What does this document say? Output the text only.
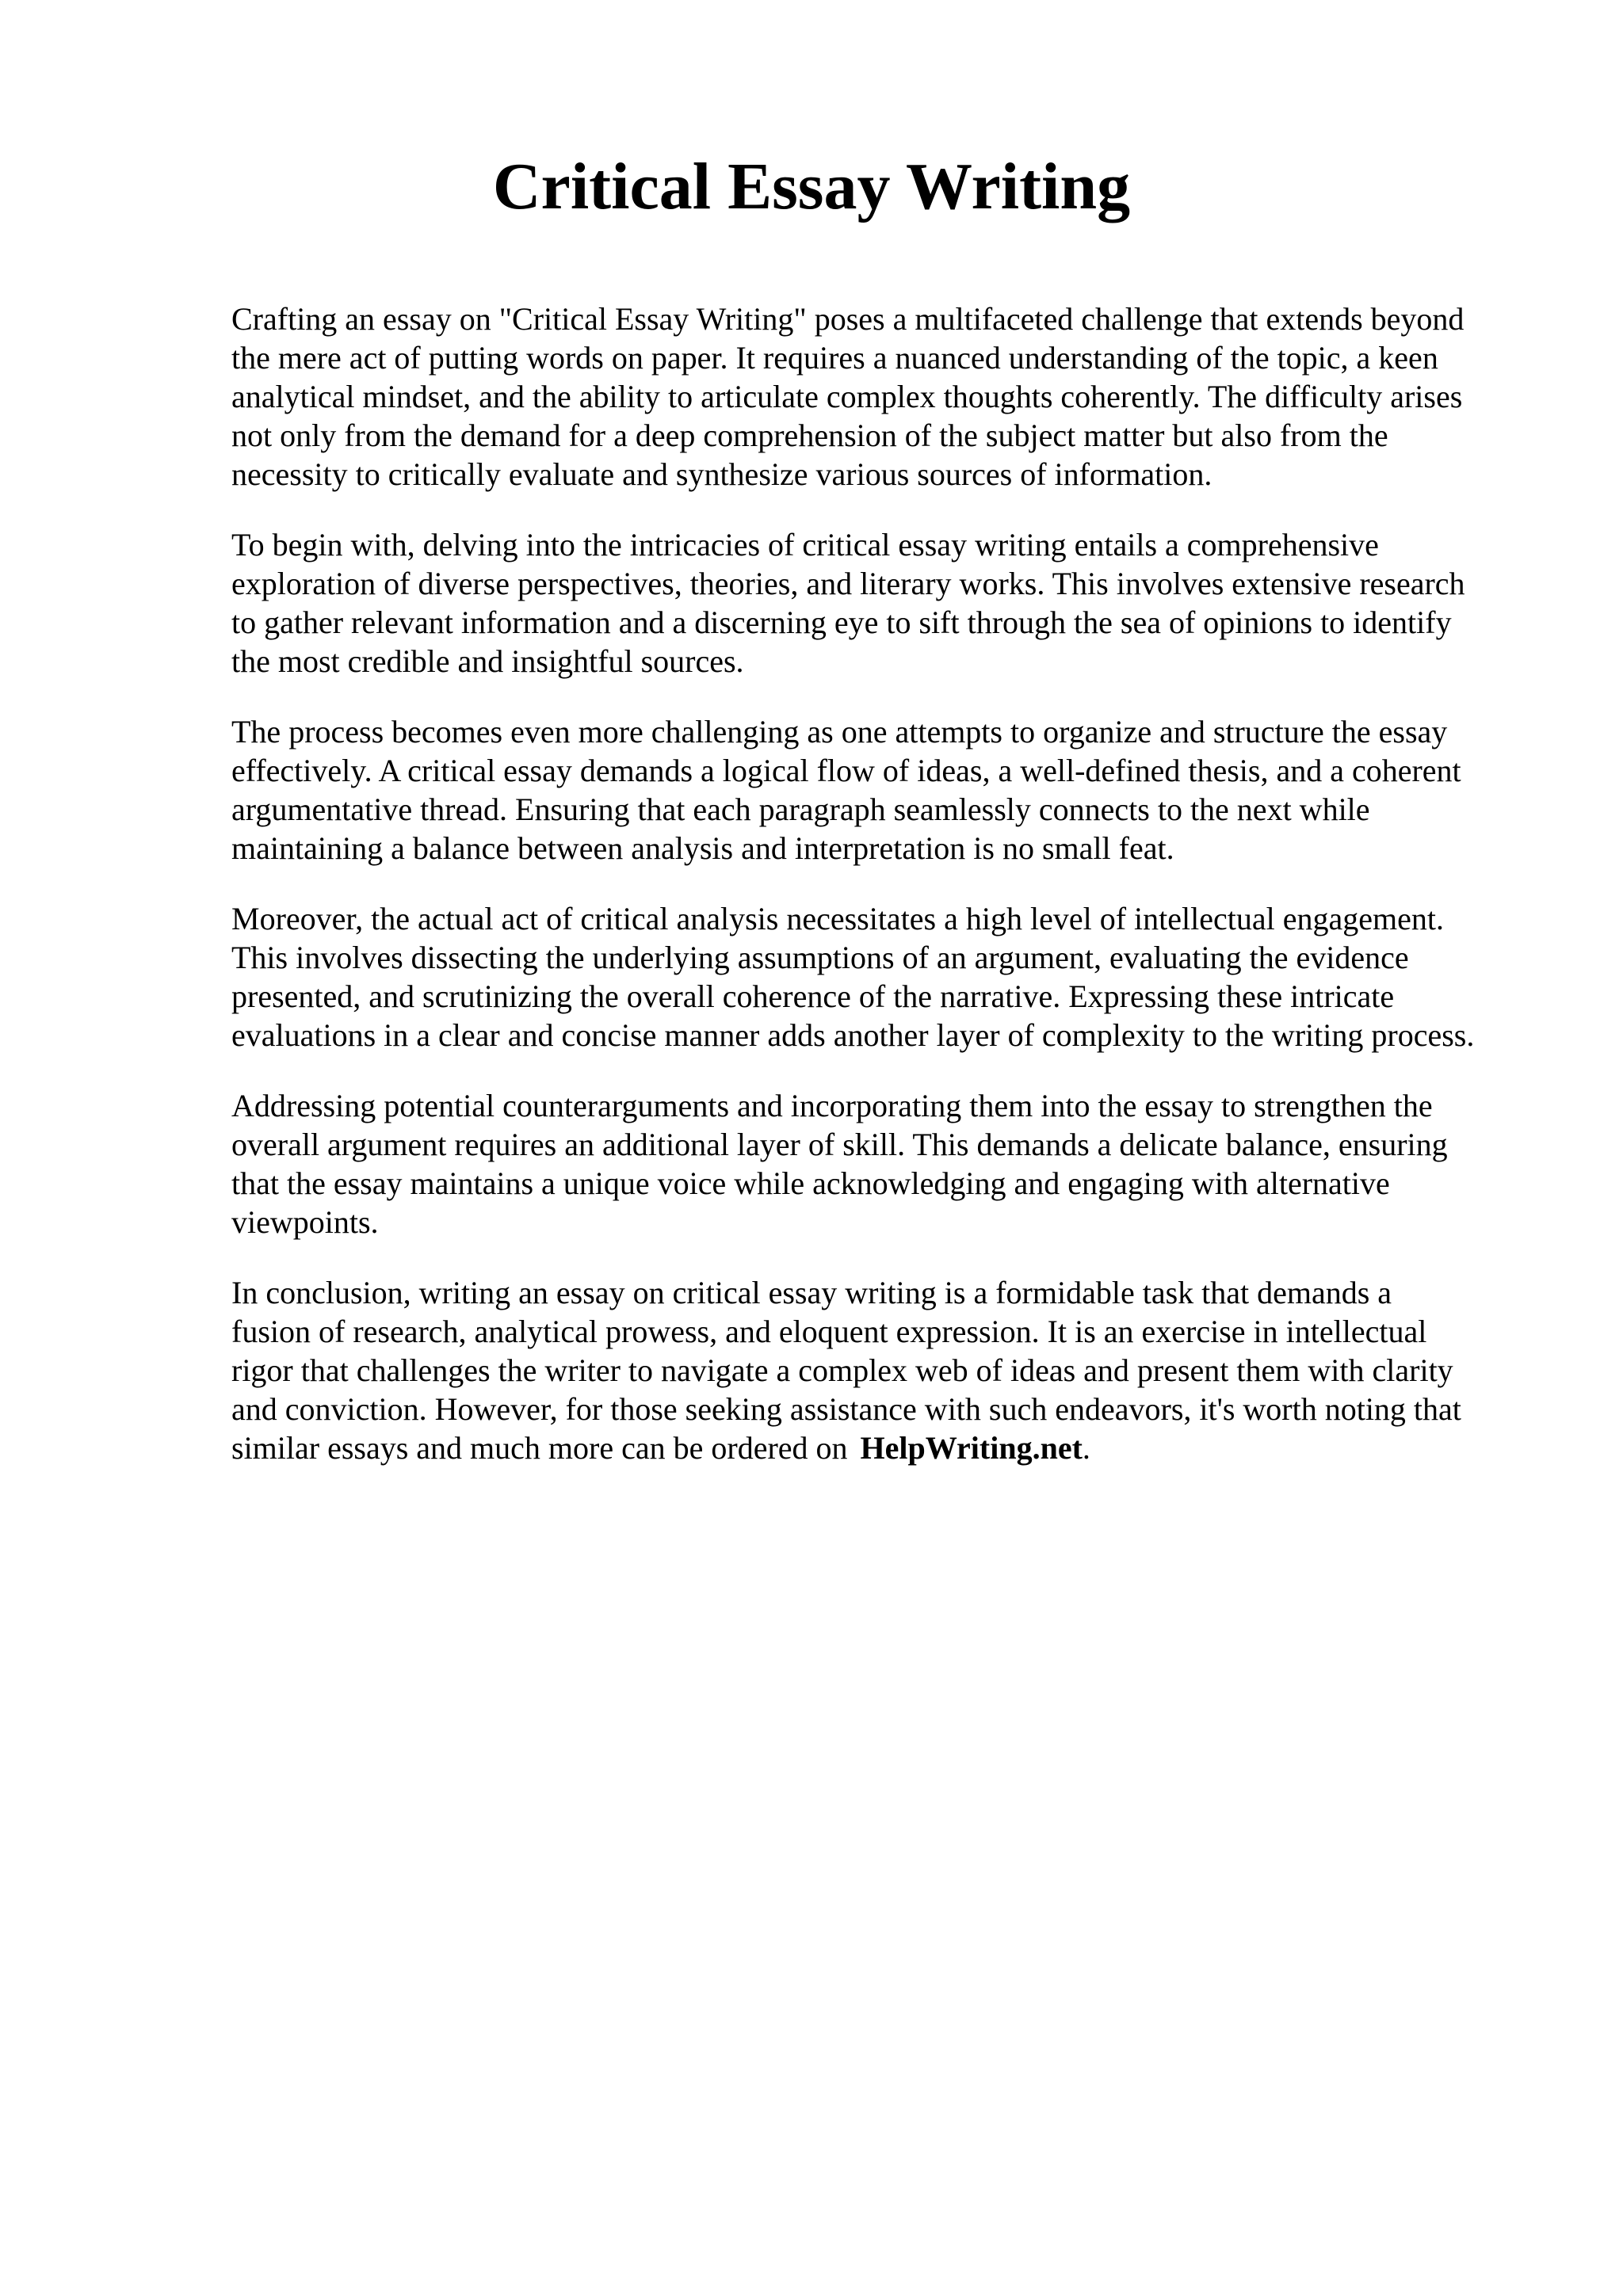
Critical Essay Writing

Crafting an essay on "Critical Essay Writing" poses a multifaceted challenge that extends beyond
the mere act of putting words on paper. It requires a nuanced understanding of the topic, a keen
analytical mindset, and the ability to articulate complex thoughts coherently. The difficulty arises
not only from the demand for a deep comprehension of the subject matter but also from the
necessity to critically evaluate and synthesize various sources of information.

To begin with, delving into the intricacies of critical essay writing entails a comprehensive
exploration of diverse perspectives, theories, and literary works. This involves extensive research
to gather relevant information and a discerning eye to sift through the sea of opinions to identify
the most credible and insightful sources.

The process becomes even more challenging as one attempts to organize and structure the essay
effectively. A critical essay demands a logical flow of ideas, a well-defined thesis, and a coherent
argumentative thread. Ensuring that each paragraph seamlessly connects to the next while
maintaining a balance between analysis and interpretation is no small feat.

Moreover, the actual act of critical analysis necessitates a high level of intellectual engagement.
This involves dissecting the underlying assumptions of an argument, evaluating the evidence
presented, and scrutinizing the overall coherence of the narrative. Expressing these intricate
evaluations in a clear and concise manner adds another layer of complexity to the writing process.

Addressing potential counterarguments and incorporating them into the essay to strengthen the
overall argument requires an additional layer of skill. This demands a delicate balance, ensuring
that the essay maintains a unique voice while acknowledging and engaging with alternative
viewpoints.

In conclusion, writing an essay on critical essay writing is a formidable task that demands a
fusion of research, analytical prowess, and eloquent expression. It is an exercise in intellectual
rigor that challenges the writer to navigate a complex web of ideas and present them with clarity
and conviction. However, for those seeking assistance with such endeavors, it's worth noting that
similar essays and much more can be ordered on HelpWriting.net.
